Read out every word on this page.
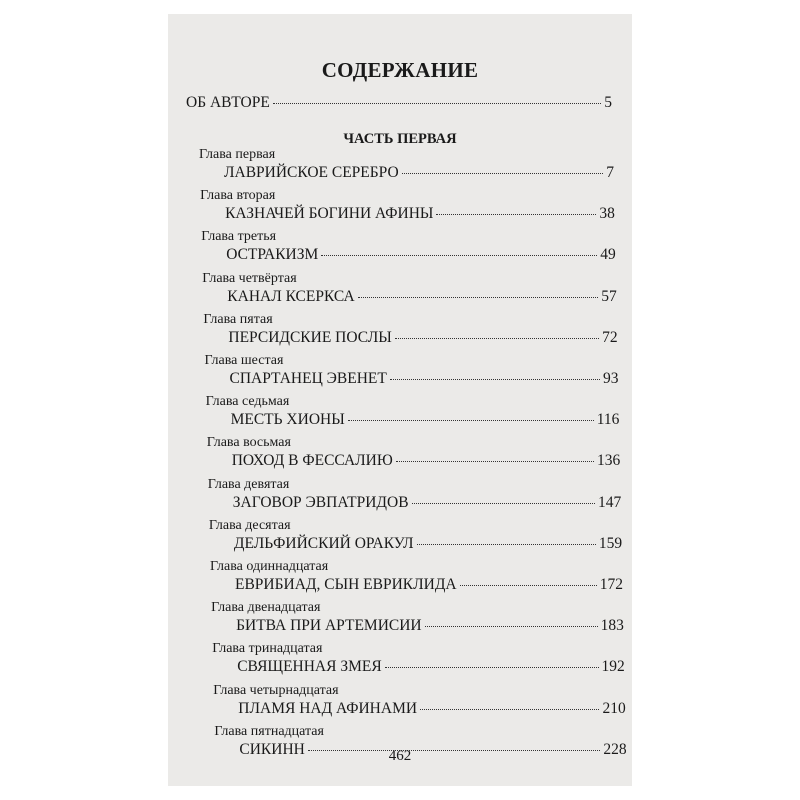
СОДЕРЖАНИЕ
ОБ АВТОРЕ	5
ЧАСТЬ ПЕРВАЯ
Глава первая
ЛАВРИЙСКОЕ СЕРЕБРО	7
Глава вторая
КАЗНАЧЕЙ БОГИНИ АФИНЫ	38
Глава третья
ОСТРАКИЗМ	49
Глава четвёртая
КАНАЛ КСЕРКСА	57
Глава пятая
ПЕРСИДСКИЕ ПОСЛЫ	72
Глава шестая
СПАРТАНЕЦ ЭВЕНЕТ	93
Глава седьмая
МЕСТЬ ХИОНЫ	116
Глава восьмая
ПОХОД В ФЕССАЛИЮ	136
Глава девятая
ЗАГОВОР ЭВПАТРИДОВ	147
Глава десятая
ДЕЛЬФИЙСКИЙ ОРАКУЛ	159
Глава одиннадцатая
ЕВРИБИАД, СЫН ЕВРИКЛИДА	172
Глава двенадцатая
БИТВА ПРИ АРТЕМИСИИ	183
Глава тринадцатая
СВЯЩЕННАЯ ЗМЕЯ	192
Глава четырнадцатая
ПЛАМЯ НАД АФИНАМИ	210
Глава пятнадцатая
СИКИНН	228
462
